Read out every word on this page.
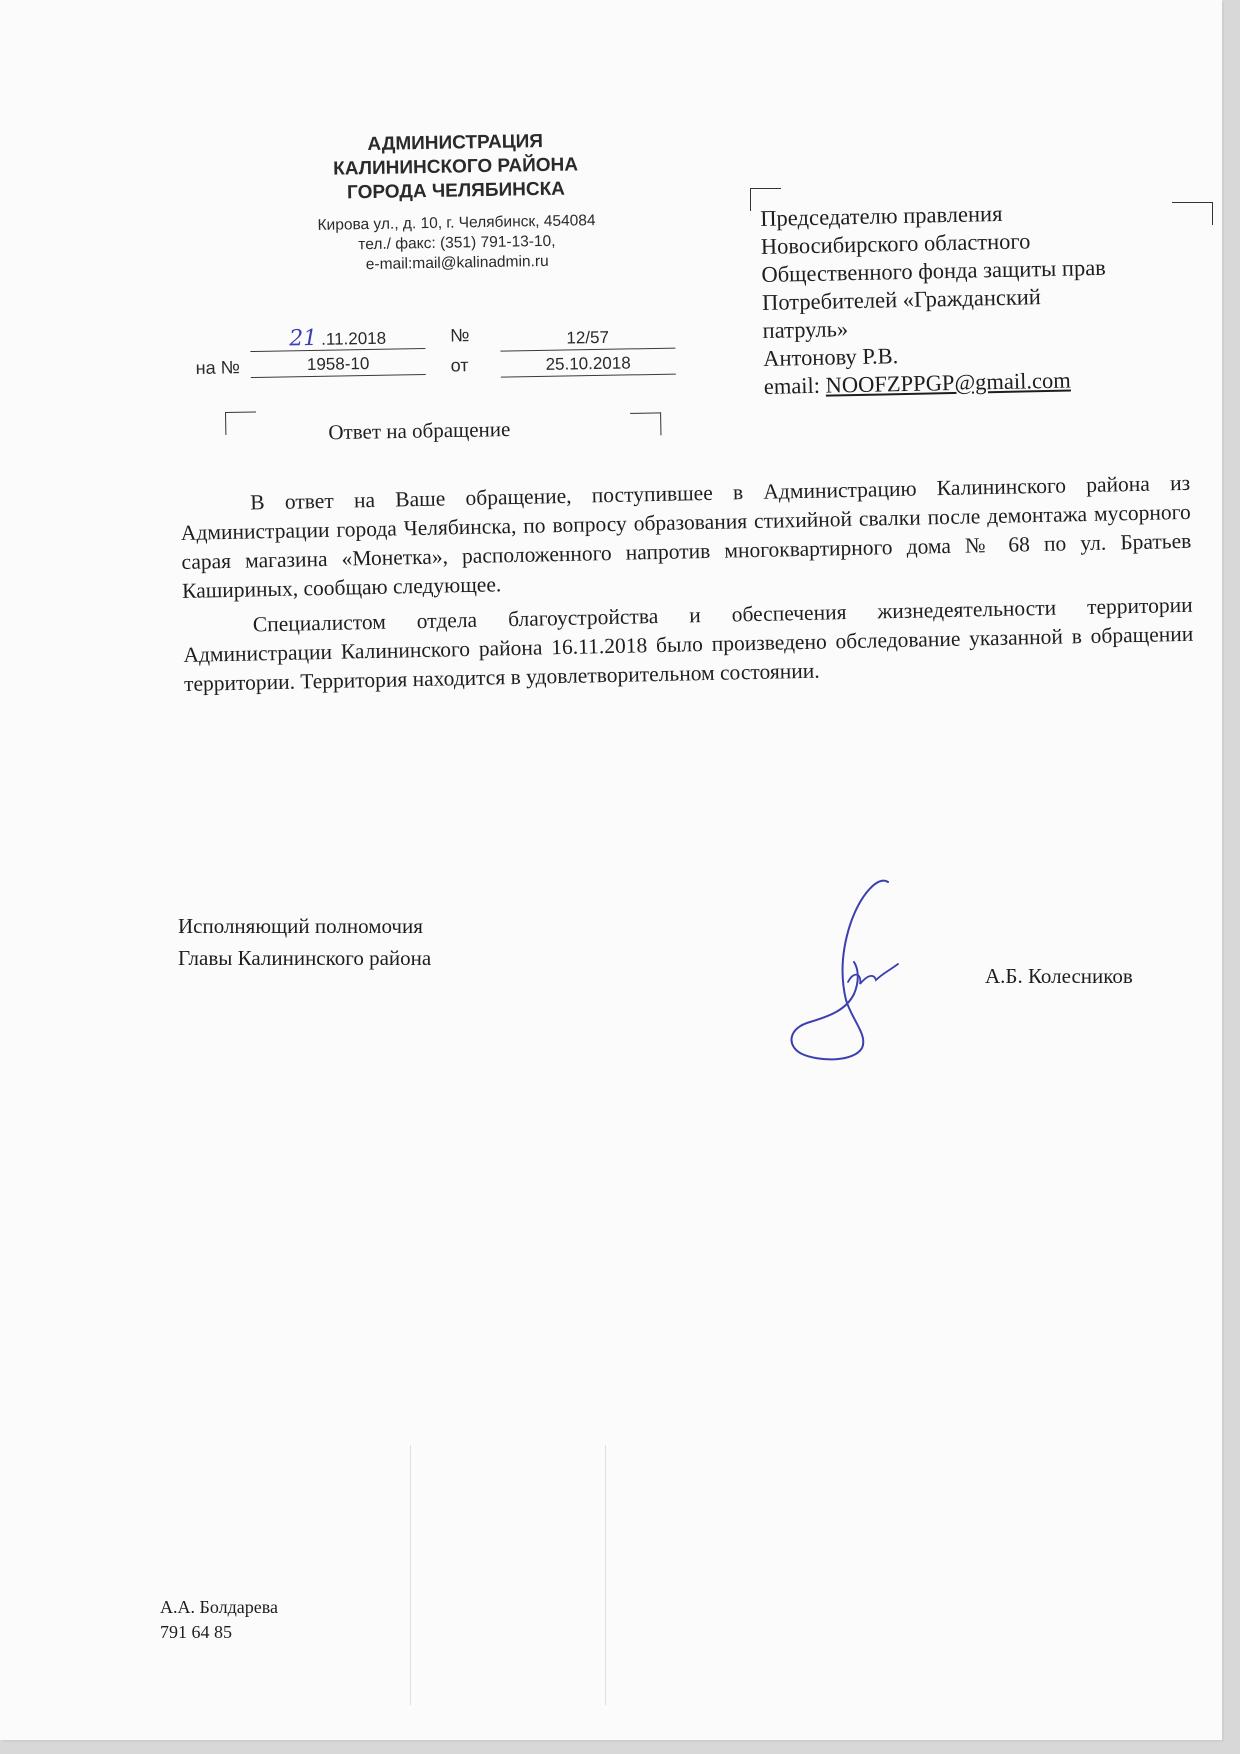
АДМИНИСТРАЦИЯ
КАЛИНИНСКОГО РАЙОНА
ГОРОДА ЧЕЛЯБИНСКА
Кирова ул., д. 10, г. Челябинск, 454084
тел./ факс: (351) 791-13-10,
e-mail:mail@kalinadmin.ru
21 .11.2018	№	12/57
на №	1958-10	от	25.10.2018
Ответ на обращение
Председателю правления
Новосибирского областного
Общественного фонда защиты прав
Потребителей «Гражданский
патруль»
Антонову Р.В.
email: NOOFZPPGP@gmail.com

В ответ на Ваше обращение, поступившее в Администрацию Калининского района из Администрации города Челябинска, по вопросу образования стихийной свалки после демонтажа мусорного сарая магазина «Монетка», расположенного напротив многоквартирного дома № 68 по ул. Братьев Кашириных, сообщаю следующее.

Специалистом отдела благоустройства и обеспечения жизнедеятельности территории Администрации Калининского района 16.11.2018 было произведено обследование указанной в обращении территории. Территория находится в удовлетворительном состоянии.

Исполняющий полномочия
Главы Калининского района
А.Б. Колесников
А.А. Болдарева
791 64 85
